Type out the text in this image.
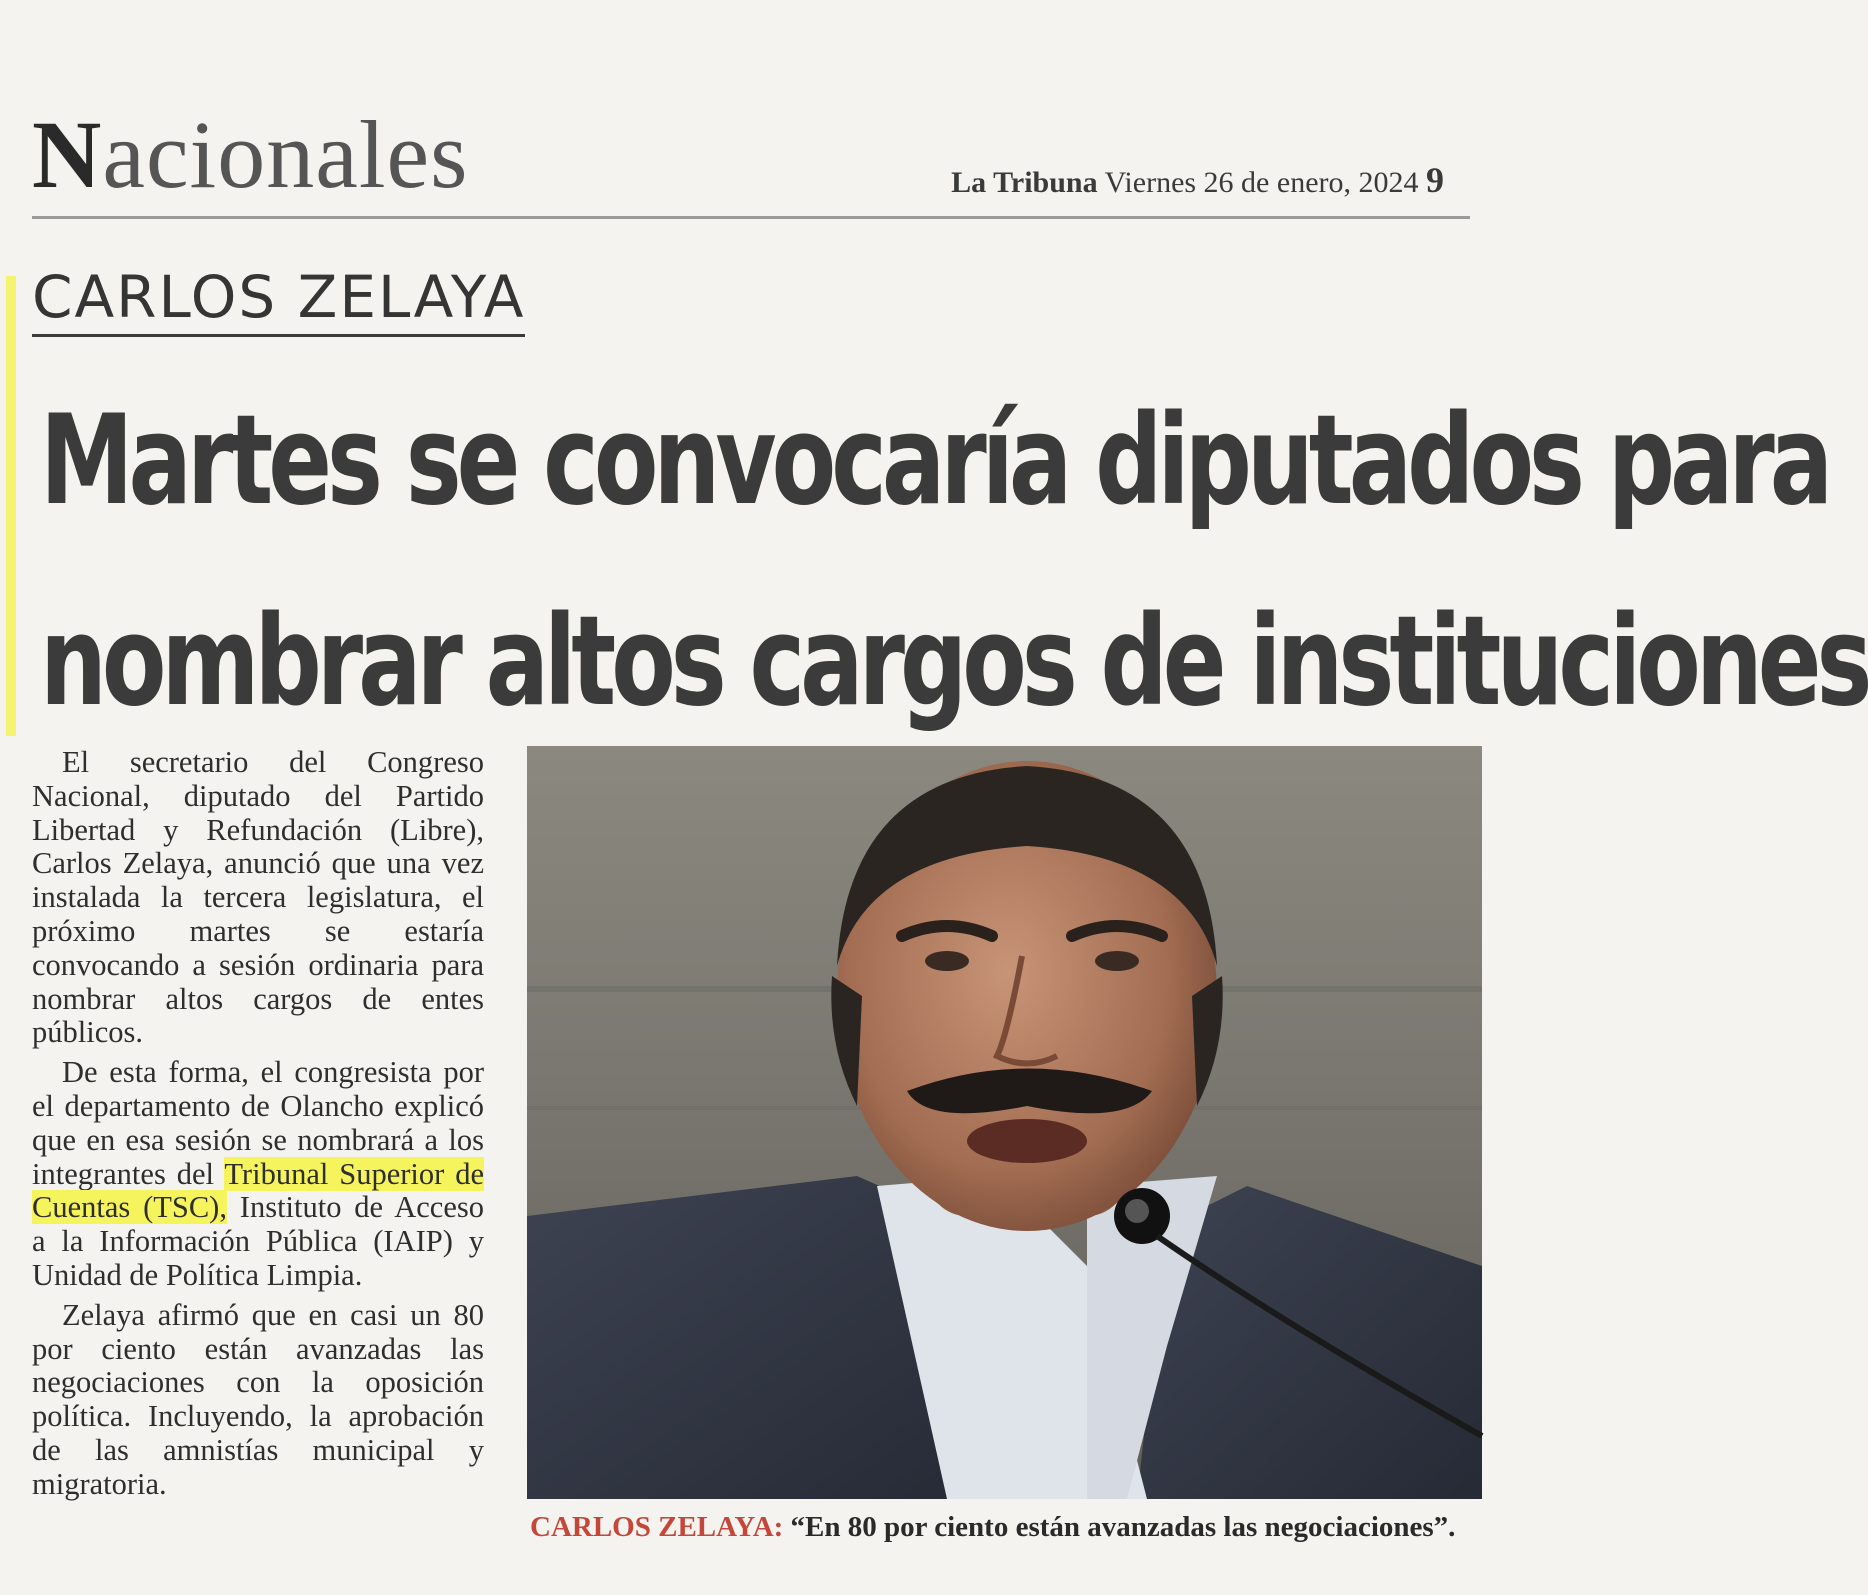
Nacionales	La Tribuna Viernes 26 de enero, 2024 9
CARLOS ZELAYA
Martes se convocaría diputados para
nombrar altos cargos de instituciones

El secretario del Congreso Nacional, diputado del Partido Libertad y Refundación (Libre), Carlos Zelaya, anunció que una vez instalada la tercera legislatura, el próximo martes se estaría convocando a sesión ordinaria para nombrar altos cargos de entes públicos.

De esta forma, el congresista por el departamento de Olancho explicó que en esa sesión se nombrará a los integrantes del Tribunal Superior de Cuentas (TSC), Instituto de Acceso a la Información Pública (IAIP) y Unidad de Política Limpia.

Zelaya afirmó que en casi un 80 por ciento están avanzadas las negociaciones con la oposición política. Incluyendo, la aprobación de las amnistías municipal y migratoria.

CARLOS ZELAYA: “En 80 por ciento están avanzadas las negociaciones”.
